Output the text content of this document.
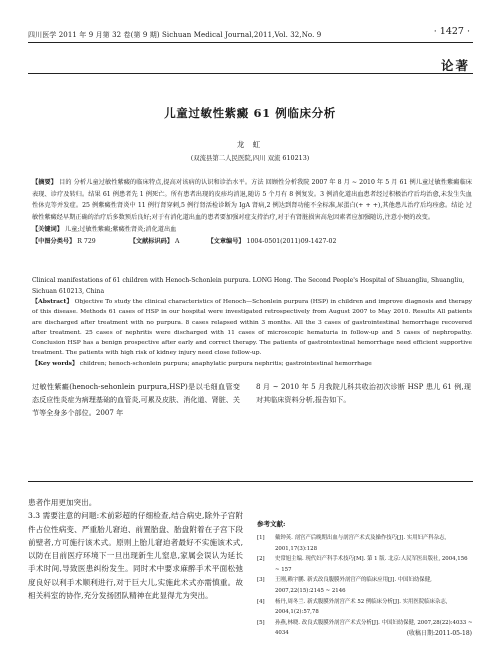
四川医学 2011 年 9 月第 32 卷(第 9 期) Sichuan Medical Journal,2011,Vol. 32,No. 9	· 1427 ·
论著
儿童过敏性紫癜 61 例临床分析
龙 虹
(双流县第二人民医院,四川 双流 610213)
【摘要】 目的 分析儿童过敏性紫癜的临床特点,提高对该病的认识和诊治水平。方法 回顾性分析我院 2007 年 8 月 ~ 2010 年 5 月 61 例儿童过敏性紫癜临床表现、诊疗及转归。结果 61 例患者先 1 例死亡。所有患者出现的皮疹均消退,随访 5 个月有 8 例复发。3 例消化道出血患者经过积极治疗后均治愈,未发生失血性休克等并发症。25 例紫癜性肾炎中 11 例行肾穿刺,5 例行肾活检诊断为 IgA 肾病,2 例达到肾功能不全标准,尿蛋白(+ + +),其他患儿治疗后均痊愈。结论 过敏性紫癜经早期正确的治疗后多数预后良好;对于有消化道出血的患者要加强对症支持治疗,对于有肾脏损害高危因素者应加强随访,注意小便的改变。
【关键词】 儿童;过敏性紫癜;紫癜性肾炎;消化道出血
【中图分类号】 R 729	【文献标识码】 A	【文章编号】 1004-0501(2011)09-1427-02
Clinical manifestations of 61 children with Henoch-Schonlein purpura. LONG Hong. The Second People's Hospital of Shuangliu, Shuangliu, Sichuan 610213, China
【Abstract】 Objective To study the clinical characteristics of Henoch—Schonlein purpura (HSP) in children and improve diagnosis and therapy of this disease. Methods 61 cases of HSP in our hospital were investigated retrospectively from August 2007 to May 2010. Results All patients are discharged after treatment with no purpura. 8 cases relapsed within 3 months. All the 3 cases of gastrointestinal hemorrhage recovered after treatment. 25 cases of nephritis were discharged with 11 cases of microscopic hematuria in follow-up and 5 cases of nephropathy. Conclusion HSP has a benign prospective after early and correct therapy. The patients of gastrointestinal hemorrhage need efficient supportive treatment. The patients with high risk of kidney injury need close follow-up.
【Key words】 children; henoch-schonlein purpura; anaphylatic purpura nephritis; gastrointestinal hemorrhage
过敏性紫癜(henoch-sehonlein purpura,HSP)是以毛细血管变态反应性炎症为病理基础的血管炎,可累及皮肤、消化道、肾脏、关节等全身多个部位。2007 年
8 月 ~ 2010 年 5 月我院儿科共收治初次诊断 HSP 患儿 61 例,现对其临床资料分析,报告如下。
患者作用更加突出。
3.3 需要注意的问题:术前彩超的仔细检查,结合病史,除外子宫附件占位性病变、严重胎儿窘迫、前置胎盘、胎盘附着在子宫下段前壁者,方可施行该术式。原则上胎儿窘迫者最好不实施该术式,以防在目前医疗环境下一旦出现新生儿窒息,家属会误认为延长手术时间,导致医患纠纷发生。同时术中要求麻醉手术平面松弛度良好以利手术顺利进行,对于巨大儿,实施此术式亦需慎重。故相关科室的协作,充分发扬团队精神在此显得尤为突出。
参考文献:
[1]	戴钟英. 剖宫产后晚期出血与剖宫产术式及操作技巧[J]. 实用妇产科杂志, 2001,17(3):128
[2]	史常旭主编. 现代妇产科手术技巧[M]. 第 1 版. 北京:人民军医出版社, 2004,156 ~ 157
[3]	王刚,赖宇鹏. 新式改良腹膜外剖宫产的临床应用[J]. 中国妇幼保健, 2007,22(15):2145 ~ 2146
[4]	杨丹,周冬兰. 新式腹膜外剖宫产术 52 例临床分析[J]. 实用医院临床杂志, 2004,1(2):57,78
[5]	孙燕,林晓. 改良式腹膜外剖宫产术式分析[J]. 中国妇幼保健, 2007,28(22):4033 ~ 4034	(收稿日期:2011-05-18)
